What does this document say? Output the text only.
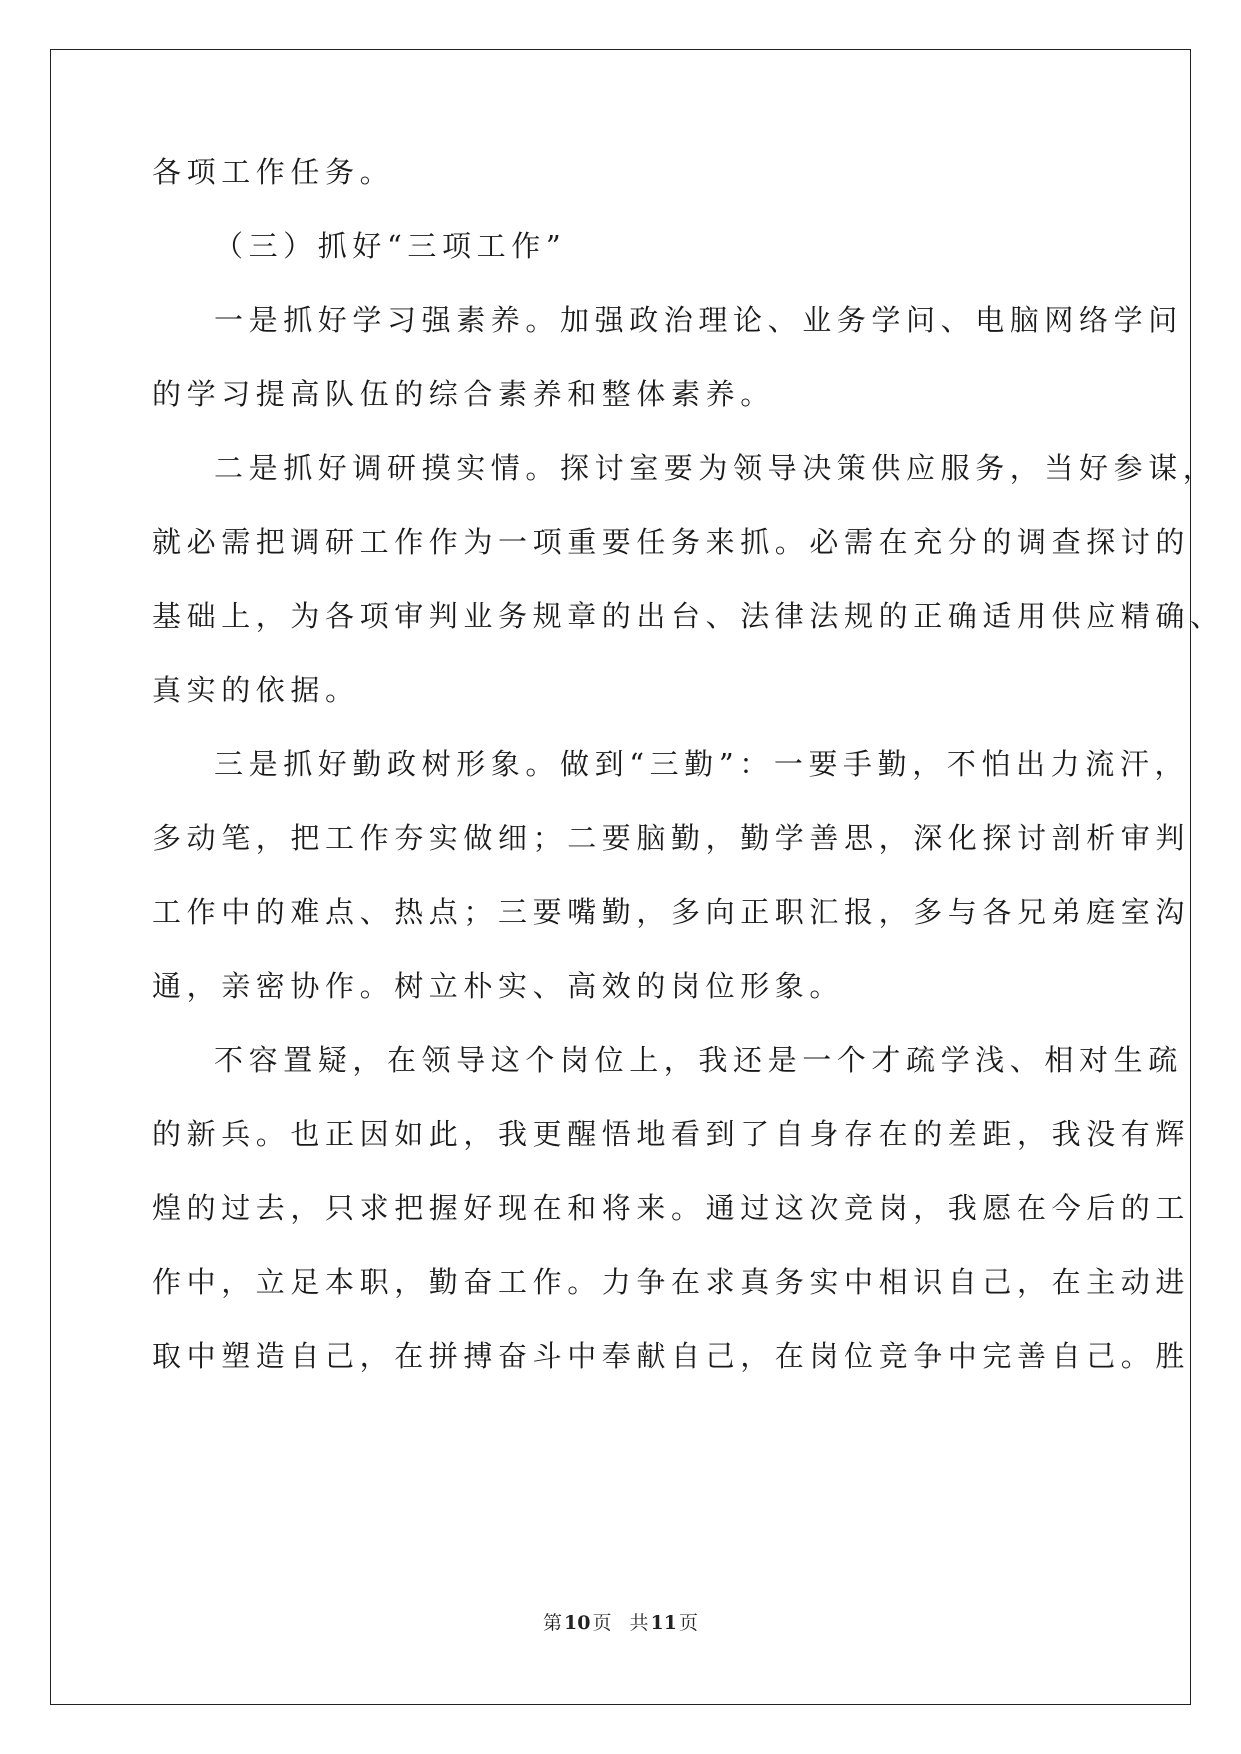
各项工作任务。
（三）抓好“三项工作”
一是抓好学习强素养。加强政治理论、业务学问、电脑网络学问
的学习提高队伍的综合素养和整体素养。
二是抓好调研摸实情。探讨室要为领导决策供应服务，当好参谋，
就必需把调研工作作为一项重要任务来抓。必需在充分的调查探讨的
基础上，为各项审判业务规章的出台、法律法规的正确适用供应精确、
真实的依据。
三是抓好勤政树形象。做到“三勤”：一要手勤，不怕出力流汗，
多动笔，把工作夯实做细；二要脑勤，勤学善思，深化探讨剖析审判
工作中的难点、热点；三要嘴勤，多向正职汇报，多与各兄弟庭室沟
通，亲密协作。树立朴实、高效的岗位形象。
不容置疑，在领导这个岗位上，我还是一个才疏学浅、相对生疏
的新兵。也正因如此，我更醒悟地看到了自身存在的差距，我没有辉
煌的过去，只求把握好现在和将来。通过这次竞岗，我愿在今后的工
作中，立足本职，勤奋工作。力争在求真务实中相识自己，在主动进
取中塑造自己，在拼搏奋斗中奉献自己，在岗位竞争中完善自己。胜
第 10 页 共 11 页
